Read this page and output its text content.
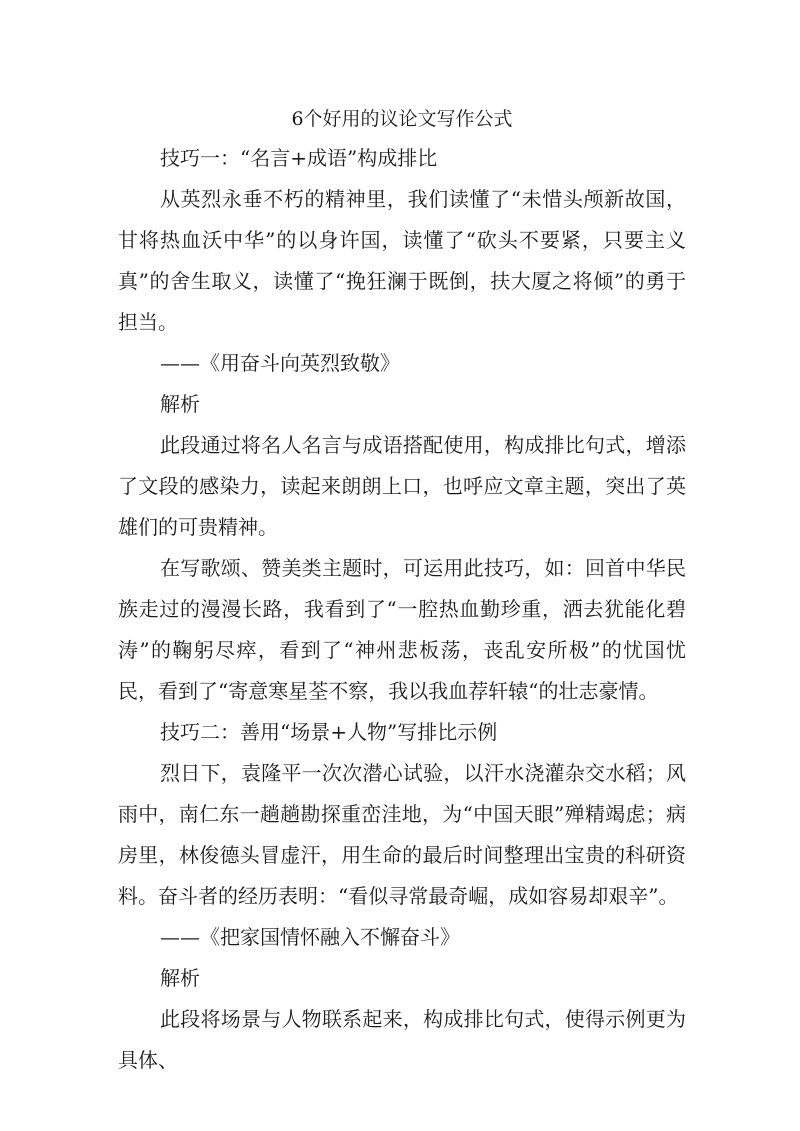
6个好用的议论文写作公式

技巧一：“名言+成语”构成排比

从英烈永垂不朽的精神里，我们读懂了“未惜头颅新故国，甘将热血沃中华”的以身许国，读懂了“砍头不要紧，只要主义真”的舍生取义，读懂了“挽狂澜于既倒，扶大厦之将倾”的勇于担当。

——《用奋斗向英烈致敬》

解析

此段通过将名人名言与成语搭配使用，构成排比句式，增添了文段的感染力，读起来朗朗上口，也呼应文章主题，突出了英雄们的可贵精神。

在写歌颂、赞美类主题时，可运用此技巧，如：回首中华民族走过的漫漫长路，我看到了“一腔热血勤珍重，洒去犹能化碧涛”的鞠躬尽瘁，看到了“神州悲板荡，丧乱安所极”的忧国忧民，看到了“寄意寒星荃不察，我以我血荐轩辕“的壮志豪情。

技巧二：善用“场景+人物”写排比示例

烈日下，袁隆平一次次潜心试验，以汗水浇灌杂交水稻；风雨中，南仁东一趟趟勘探重峦洼地，为“中国天眼”殚精竭虑；病房里，林俊德头冒虚汗，用生命的最后时间整理出宝贵的科研资料。奋斗者的经历表明：“看似寻常最奇崛，成如容易却艰辛”。

——《把家国情怀融入不懈奋斗》

解析

此段将场景与人物联系起来，构成排比句式，使得示例更为具体、
